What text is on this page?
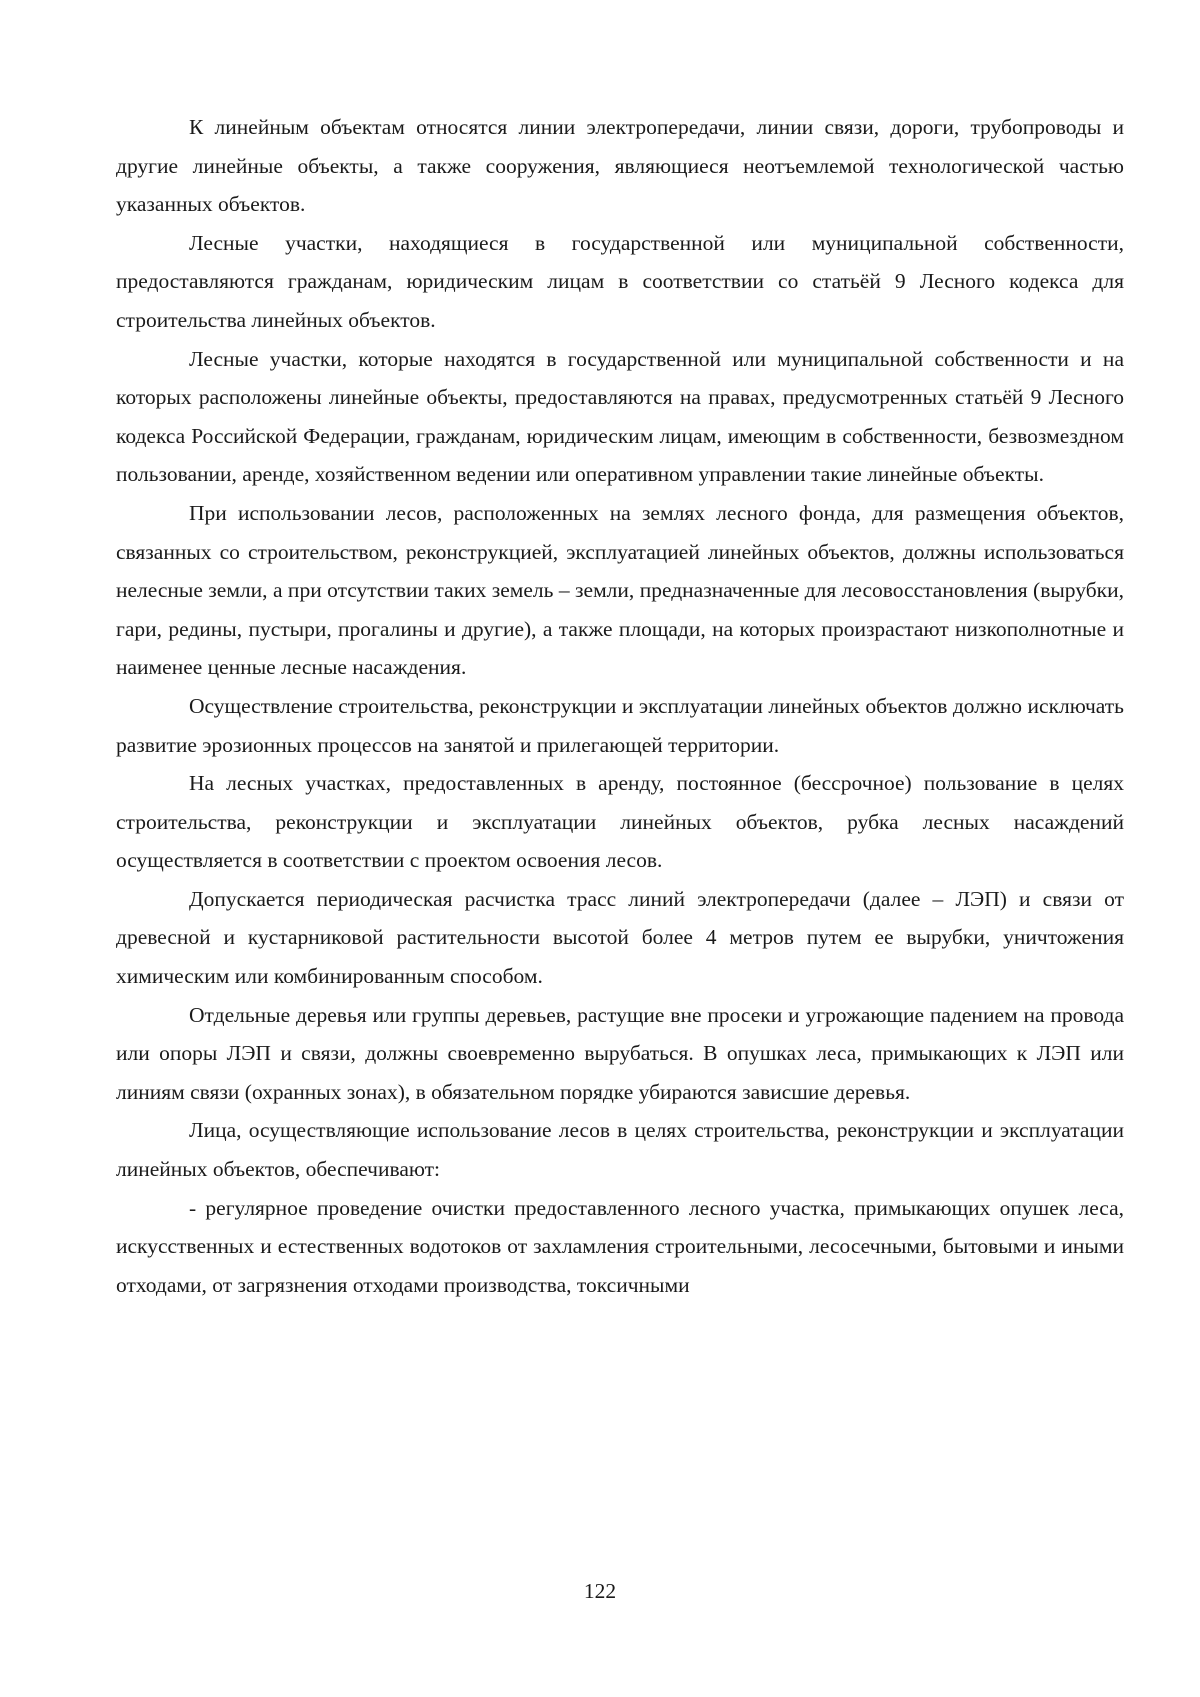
К линейным объектам относятся линии электропередачи, линии связи, дороги, трубопроводы и другие линейные объекты, а также сооружения, являющиеся неотъемлемой технологической частью указанных объектов.

Лесные участки, находящиеся в государственной или муниципальной собственности, предоставляются гражданам, юридическим лицам в соответствии со статьёй 9 Лесного кодекса для строительства линейных объектов.

Лесные участки, которые находятся в государственной или муниципальной собственности и на которых расположены линейные объекты, предоставляются на правах, предусмотренных статьёй 9 Лесного кодекса Российской Федерации, гражданам, юридическим лицам, имеющим в собственности, безвозмездном пользовании, аренде, хозяйственном ведении или оперативном управлении такие линейные объекты.

При использовании лесов, расположенных на землях лесного фонда, для размещения объектов, связанных со строительством, реконструкцией, эксплуатацией линейных объектов, должны использоваться нелесные земли, а при отсутствии таких земель – земли, предназначенные для лесовосстановления (вырубки, гари, редины, пустыри, прогалины и другие), а также площади, на которых произрастают низкополнотные и наименее ценные лесные насаждения.

Осуществление строительства, реконструкции и эксплуатации линейных объектов должно исключать развитие эрозионных процессов на занятой и прилегающей территории.

На лесных участках, предоставленных в аренду, постоянное (бессрочное) пользование в целях строительства, реконструкции и эксплуатации линейных объектов, рубка лесных насаждений осуществляется в соответствии с проектом освоения лесов.

Допускается периодическая расчистка трасс линий электропередачи (далее – ЛЭП) и связи от древесной и кустарниковой растительности высотой более 4 метров путем ее вырубки, уничтожения химическим или комбинированным способом.

Отдельные деревья или группы деревьев, растущие вне просеки и угрожающие падением на провода или опоры ЛЭП и связи, должны своевременно вырубаться. В опушках леса, примыкающих к ЛЭП или линиям связи (охранных зонах), в обязательном порядке убираются зависшие деревья.

Лица, осуществляющие использование лесов в целях строительства, реконструкции и эксплуатации линейных объектов, обеспечивают:

- регулярное проведение очистки предоставленного лесного участка, примыкающих опушек леса, искусственных и естественных водотоков от захламления строительными, лесосечными, бытовыми и иными отходами, от загрязнения отходами производства, токсичными

122
